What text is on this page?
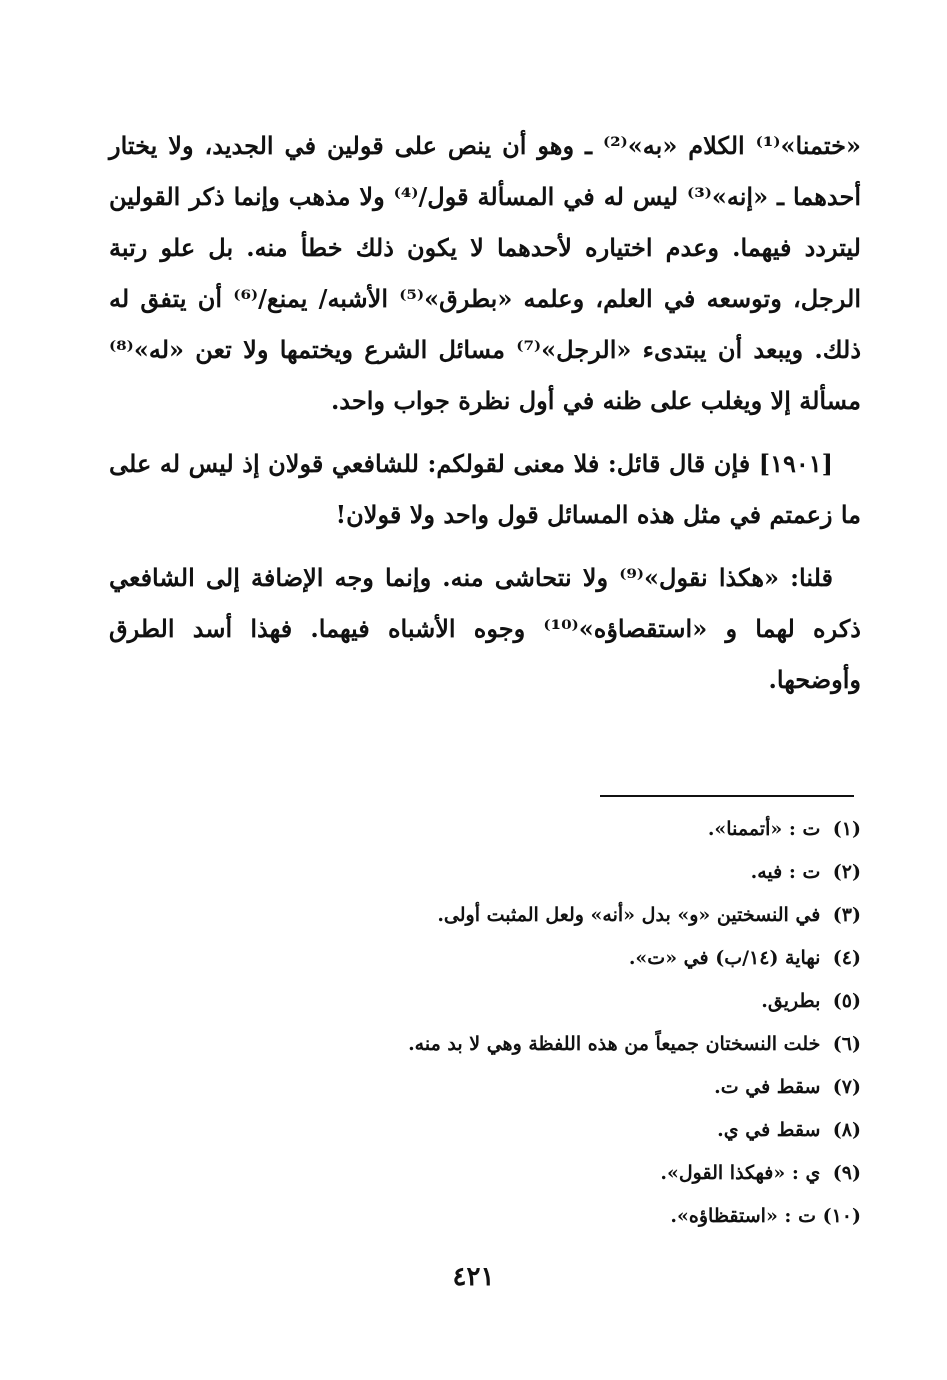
«ختمنا»⁽¹⁾ الكلام «به»⁽²⁾ ـ وهو أن ينص على قولين في الجديد، ولا يختار أحدهما ـ «إنه»⁽³⁾ ليس له في المسألة قول/⁽⁴⁾ ولا مذهب وإنما ذكر القولين ليتردد فيهما. وعدم اختياره لأحدهما لا يكون ذلك خطأ منه. بل علو رتبة الرجل، وتوسعه في العلم، وعلمه «بطرق»⁽⁵⁾ الأشبه/ يمنع/⁽⁶⁾ أن يتفق له ذلك. ويبعد أن يبتدىء «الرجل»⁽⁷⁾ مسائل الشرع ويختمها ولا تعن «له»⁽⁸⁾ مسألة إلا ويغلب على ظنه في أول نظرة جواب واحد.

[١٩٠١] فإن قال قائل: فلا معنى لقولكم: للشافعي قولان إذ ليس له على ما زعمتم في مثل هذه المسائل قول واحد ولا قولان!

قلنا: «هكذا نقول»⁽⁹⁾ ولا نتحاشى منه. وإنما وجه الإضافة إلى الشافعي ذكره لهما و «استقصاؤه»⁽¹⁰⁾ وجوه الأشباه فيهما. فهذا أسد الطرق وأوضحها.

(١) ت : «أتممنا».
(٢) ت : فيه.
(٣) في النسختين «و» بدل «أنه» ولعل المثبت أولى.
(٤) نهاية (١٤/ب) في «ت».
(٥) بطريق.
(٦) خلت النسختان جميعاً من هذه اللفظة وهي لا بد منه.
(٧) سقط في ت.
(٨) سقط في ي.
(٩) ي : «فهكذا القول».
(١٠) ت : «استقظاؤه».
٤٢١
